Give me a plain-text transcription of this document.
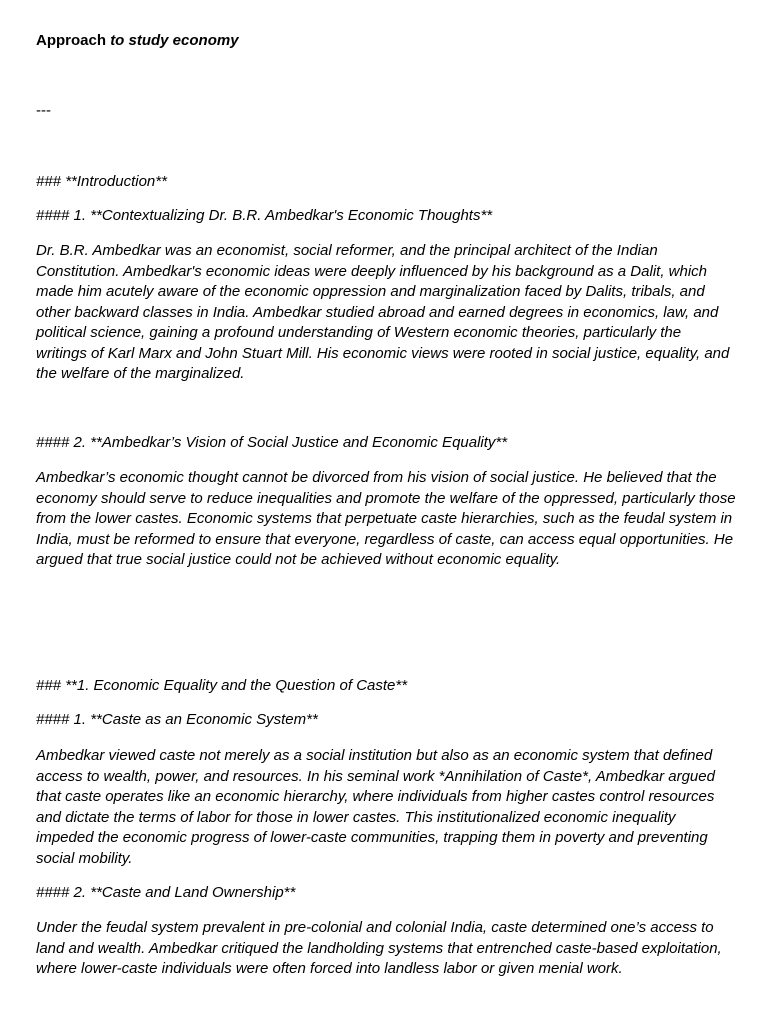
Approach to study economy
---
### **Introduction**
#### 1. **Contextualizing Dr. B.R. Ambedkar's Economic Thoughts**
Dr. B.R. Ambedkar was an economist, social reformer, and the principal architect of the Indian Constitution. Ambedkar's economic ideas were deeply influenced by his background as a Dalit, which made him acutely aware of the economic oppression and marginalization faced by Dalits, tribals, and other backward classes in India. Ambedkar studied abroad and earned degrees in economics, law, and political science, gaining a profound understanding of Western economic theories, particularly the writings of Karl Marx and John Stuart Mill. His economic views were rooted in social justice, equality, and the welfare of the marginalized.
#### 2. **Ambedkar’s Vision of Social Justice and Economic Equality**
Ambedkar’s economic thought cannot be divorced from his vision of social justice. He believed that the economy should serve to reduce inequalities and promote the welfare of the oppressed, particularly those from the lower castes. Economic systems that perpetuate caste hierarchies, such as the feudal system in India, must be reformed to ensure that everyone, regardless of caste, can access equal opportunities. He argued that true social justice could not be achieved without economic equality.
### **1. Economic Equality and the Question of Caste**
#### 1. **Caste as an Economic System**
Ambedkar viewed caste not merely as a social institution but also as an economic system that defined access to wealth, power, and resources. In his seminal work *Annihilation of Caste*, Ambedkar argued that caste operates like an economic hierarchy, where individuals from higher castes control resources and dictate the terms of labor for those in lower castes. This institutionalized economic inequality impeded the economic progress of lower-caste communities, trapping them in poverty and preventing social mobility.
#### 2. **Caste and Land Ownership**
Under the feudal system prevalent in pre-colonial and colonial India, caste determined one’s access to land and wealth. Ambedkar critiqued the landholding systems that entrenched caste-based exploitation, where lower-caste individuals were often forced into landless labor or given menial work.
